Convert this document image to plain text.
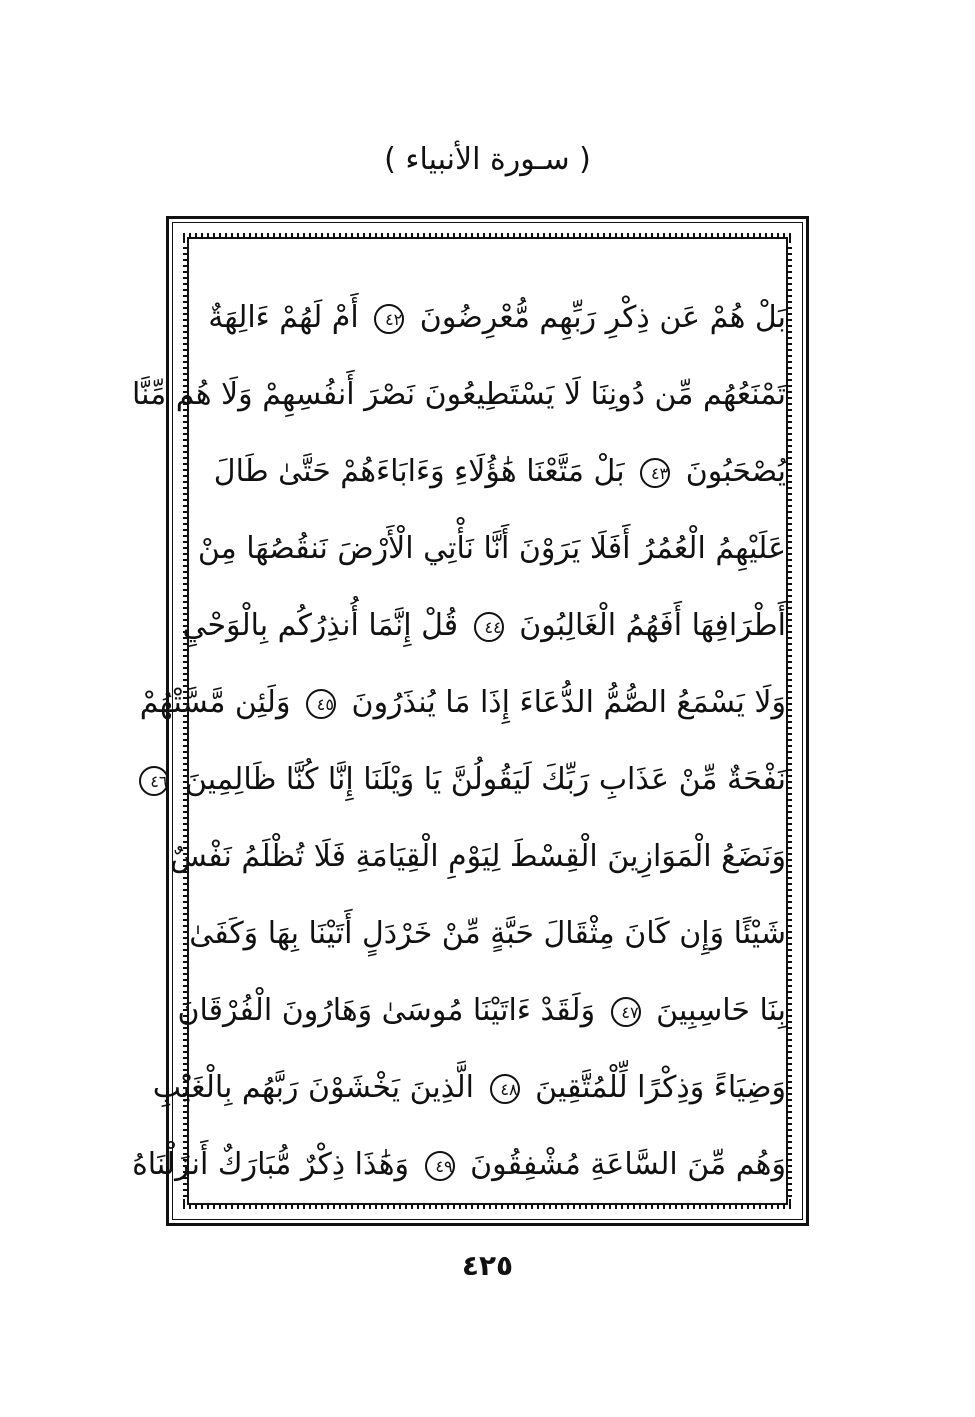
( سـورة الأنبياء )
بَلْ هُمْ عَن ذِكْرِ رَبِّهِم مُّعْرِضُونَ ٤٢ أَمْ لَهُمْ ءَالِهَةٌ
تَمْنَعُهُم مِّن دُونِنَا لَا يَسْتَطِيعُونَ نَصْرَ أَنفُسِهِمْ وَلَا هُم مِّنَّا
يُصْحَبُونَ ٤٣ بَلْ مَتَّعْنَا هَٰؤُلَاءِ وَءَابَاءَهُمْ حَتَّىٰ طَالَ
عَلَيْهِمُ الْعُمُرُ أَفَلَا يَرَوْنَ أَنَّا نَأْتِي الْأَرْضَ نَنقُصُهَا مِنْ
أَطْرَافِهَا أَفَهُمُ الْغَالِبُونَ ٤٤ قُلْ إِنَّمَا أُنذِرُكُم بِالْوَحْيِ
وَلَا يَسْمَعُ الصُّمُّ الدُّعَاءَ إِذَا مَا يُنذَرُونَ ٤٥ وَلَئِن مَّسَّتْهُمْ
نَفْحَةٌ مِّنْ عَذَابِ رَبِّكَ لَيَقُولُنَّ يَا وَيْلَنَا إِنَّا كُنَّا ظَالِمِينَ ٤٦
وَنَضَعُ الْمَوَازِينَ الْقِسْطَ لِيَوْمِ الْقِيَامَةِ فَلَا تُظْلَمُ نَفْسٌ
شَيْئًا وَإِن كَانَ مِثْقَالَ حَبَّةٍ مِّنْ خَرْدَلٍ أَتَيْنَا بِهَا وَكَفَىٰ
بِنَا حَاسِبِينَ ٤٧ وَلَقَدْ ءَاتَيْنَا مُوسَىٰ وَهَارُونَ الْفُرْقَانَ
وَضِيَاءً وَذِكْرًا لِّلْمُتَّقِينَ ٤٨ الَّذِينَ يَخْشَوْنَ رَبَّهُم بِالْغَيْبِ
وَهُم مِّنَ السَّاعَةِ مُشْفِقُونَ ٤٩ وَهَٰذَا ذِكْرٌ مُّبَارَكٌ أَنزَلْنَاهُ
٤٢٥
